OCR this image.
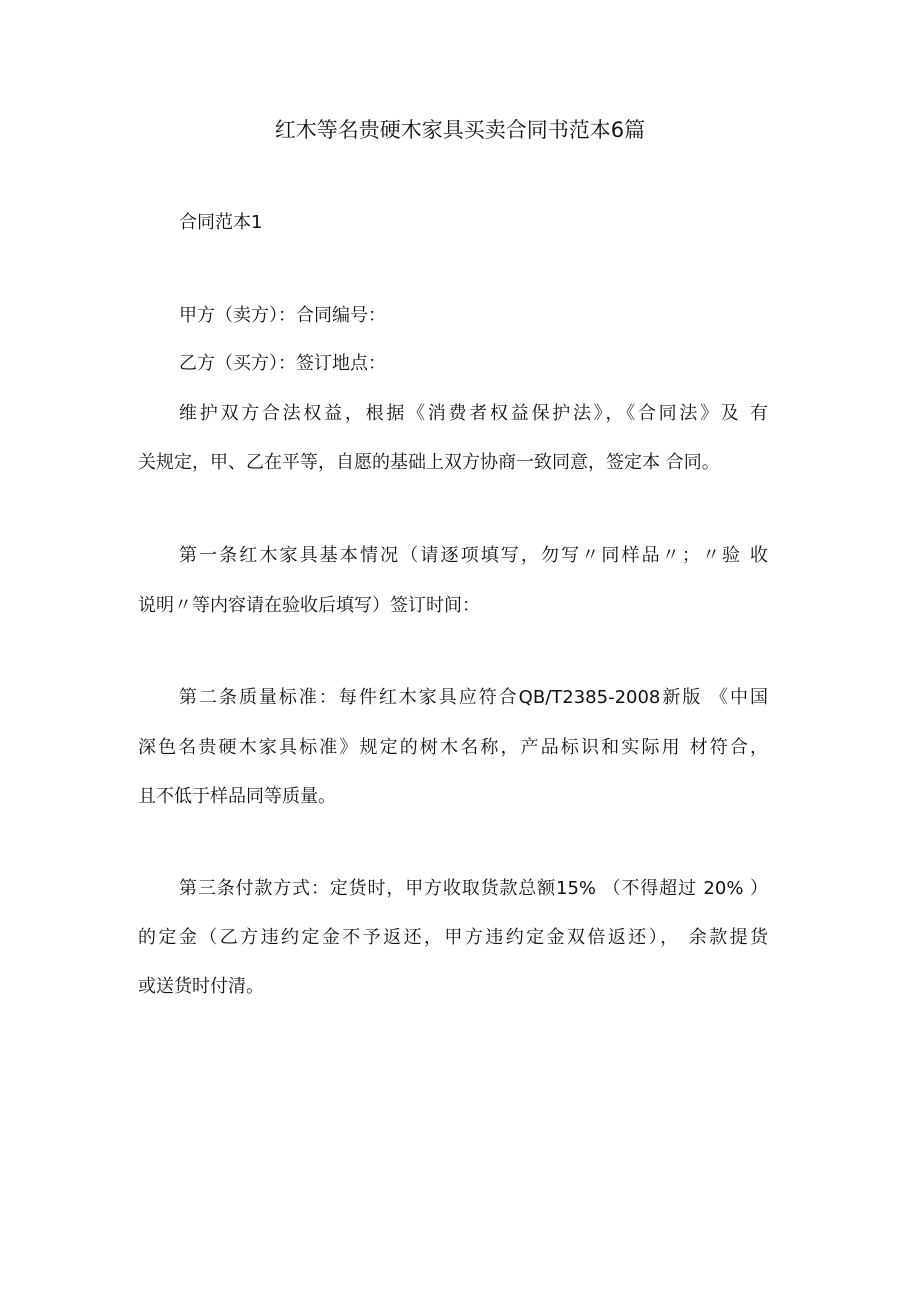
红木等名贵硬木家具买卖合同书范本6篇

合同范本1

甲方（卖方）：合同编号：

乙方（买方）：签订地点：

维护双方合法权益，根据《消费者权益保护法》，《合同法》及 有

关规定，甲、乙在平等，自愿的基础上双方协商一致同意，签定本 合同。

第一条红木家具基本情况（请逐项填写，勿写〃同样品〃；〃验 收

说明〃等内容请在验收后填写）签订时间：

第二条质量标准：每件红木家具应符合QB/T2385-2008新版 《中国

深色名贵硬木家具标准》规定的树木名称，产品标识和实际用 材符合，

且不低于样品同等质量。

第三条付款方式：定货时，甲方收取货款总额15% （不得超过 20% ）

的定金（乙方违约定金不予返还，甲方违约定金双倍返还）， 余款提货

或送货时付清。
